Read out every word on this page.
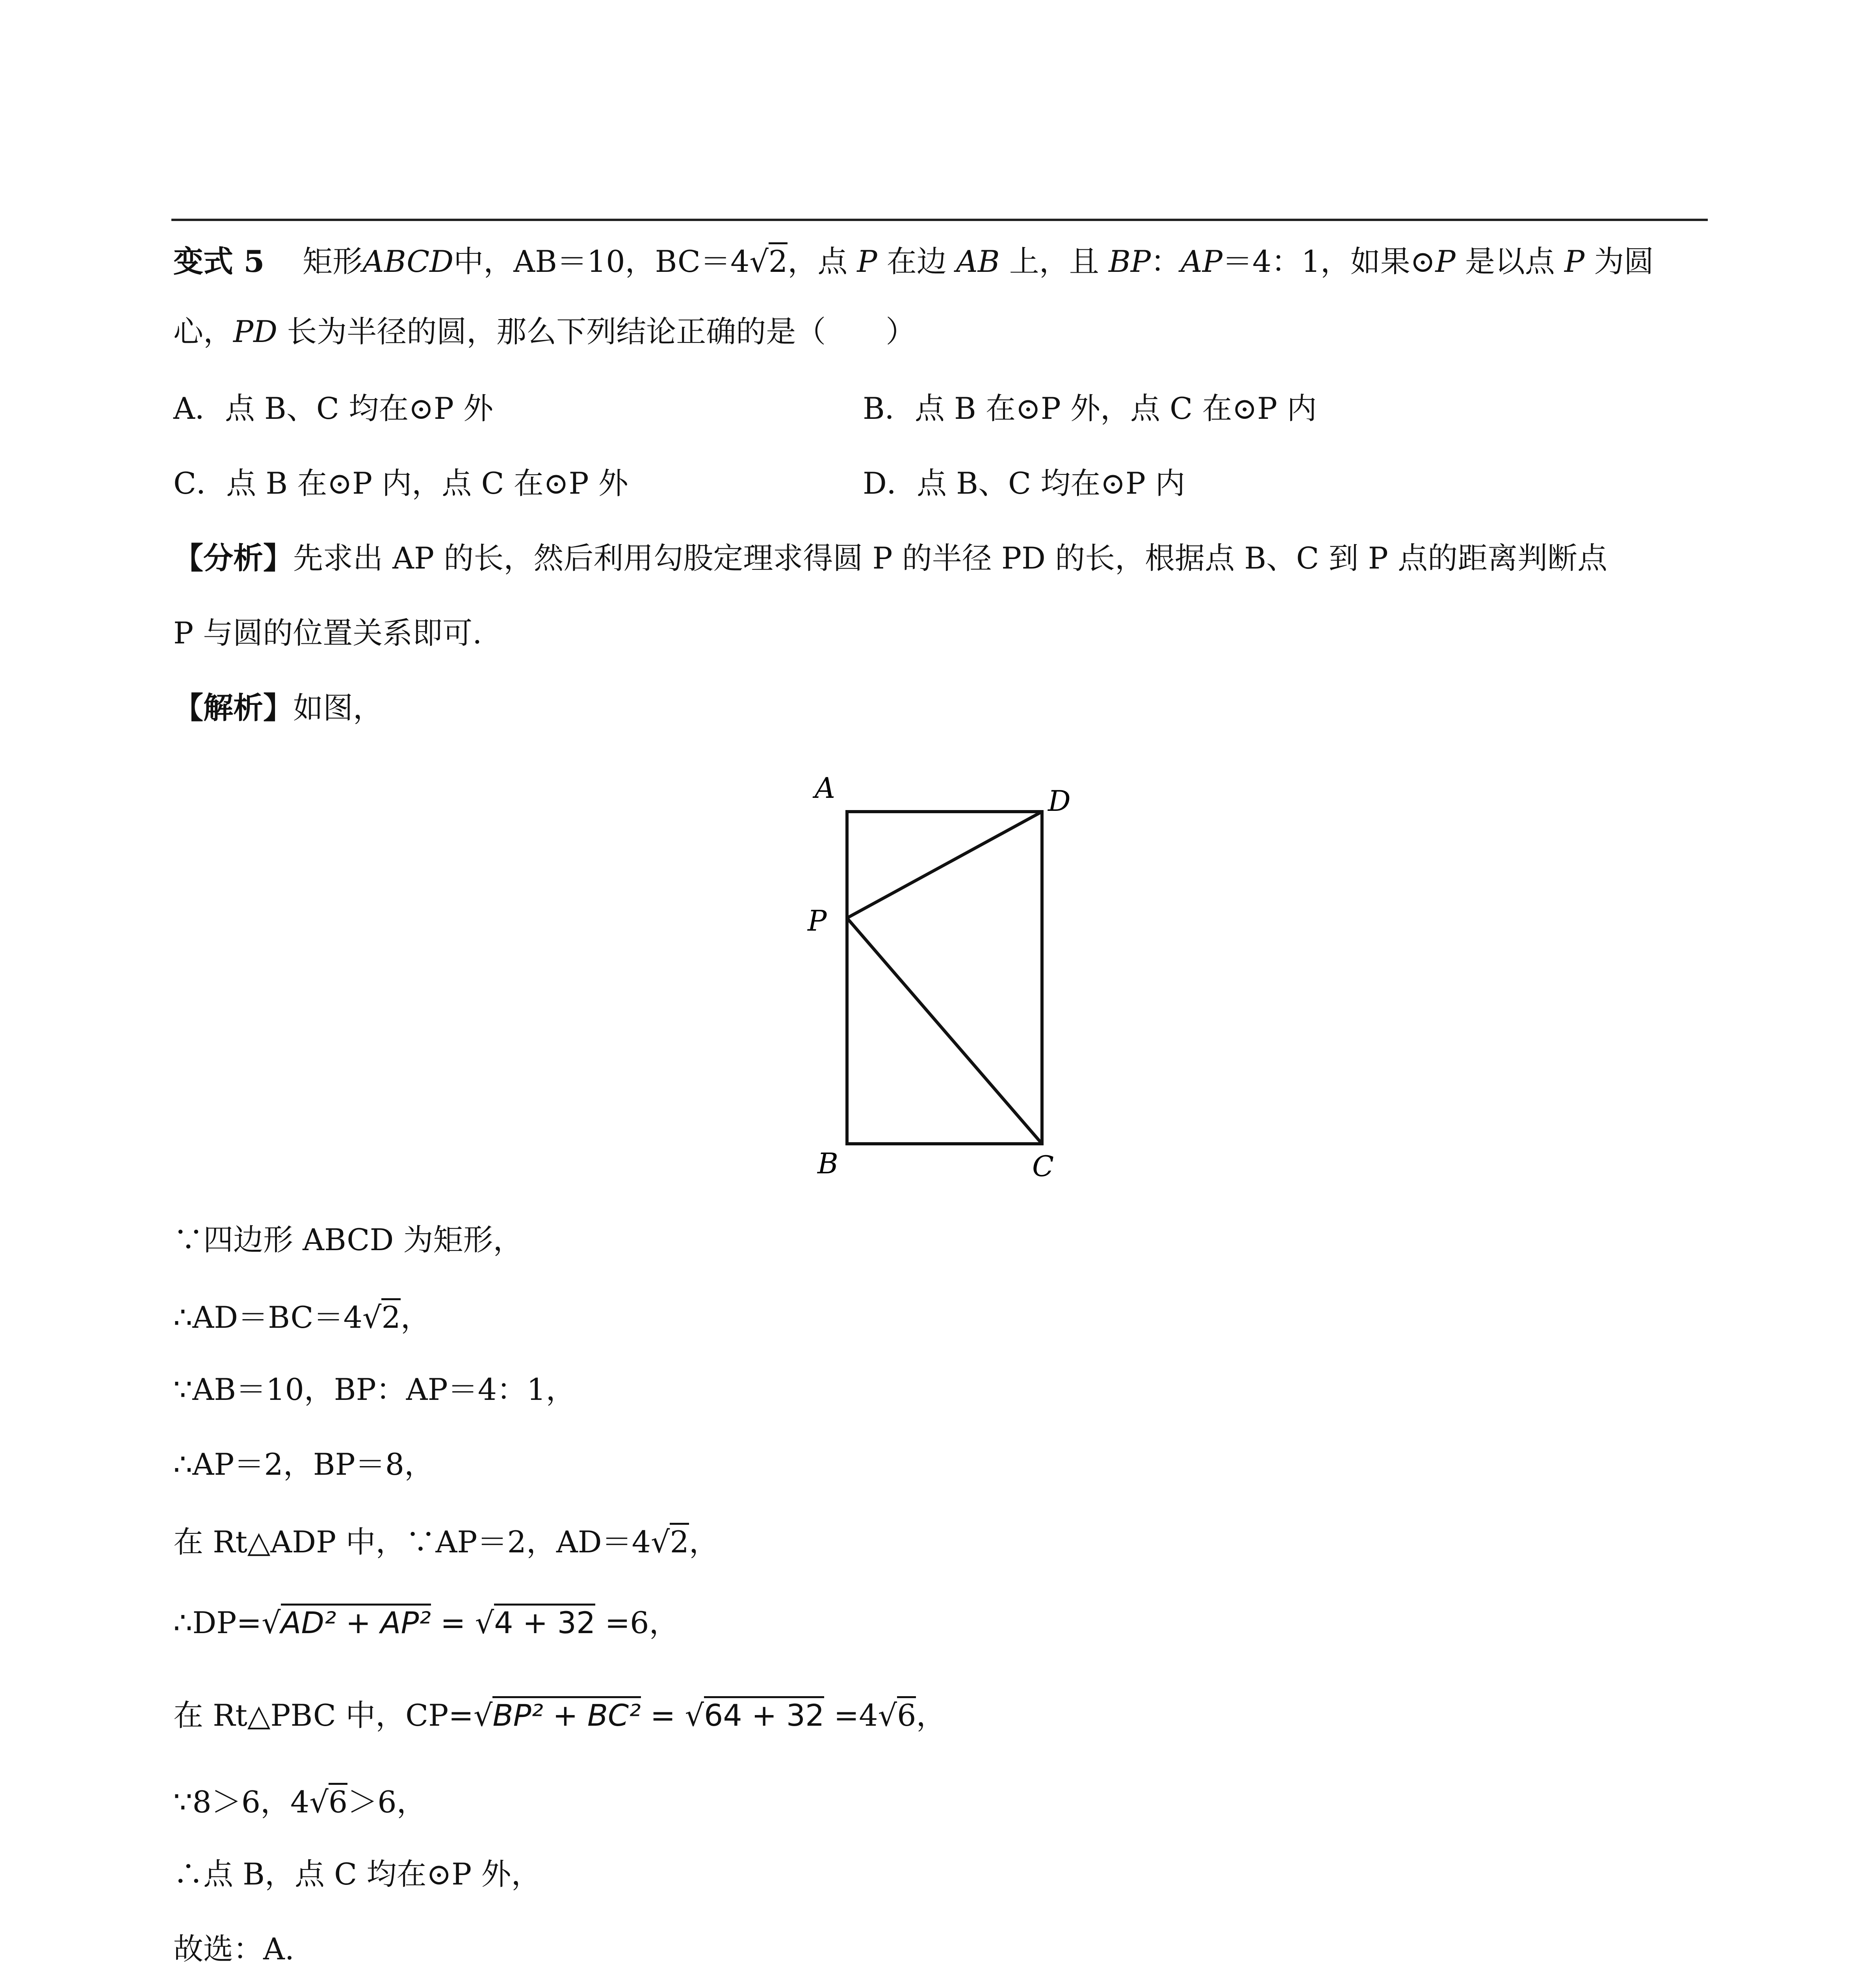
变式 5 矩形ABCD中，AB＝10，BC＝4 √ 2，点 P 在边 AB 上，且 BP：AP＝4：1，如果⊙P 是以点 P 为圆
心，PD 长为半径的圆，那么下列结论正确的是（　　）
A．点 B、C 均在⊙P 外	B．点 B 在⊙P 外，点 C 在⊙P 内
C．点 B 在⊙P 内，点 C 在⊙P 外	D．点 B、C 均在⊙P 内
【分析】先求出 AP 的长，然后利用勾股定理求得圆 P 的半径 PD 的长，根据点 B、C 到 P 点的距离判断点
P 与圆的位置关系即可.
【解析】如图，
A	D
P
B	C
∵四边形 ABCD 为矩形，
∴AD＝BC＝4 √ 2，
∵AB＝10，BP：AP＝4：1，
∴AP＝2，BP＝8，
在 Rt△ADP 中，∵AP＝2，AD＝4 √ 2，
∴DP= √ AD² + AP² = √ 4 + 32 =6，
在 Rt△PBC 中，CP= √ BP² + BC² = √ 64 + 32 =4 √ 6，
∵8＞6，4 √ 6＞6，
∴点 B，点 C 均在⊙P 外，
故选：A.
